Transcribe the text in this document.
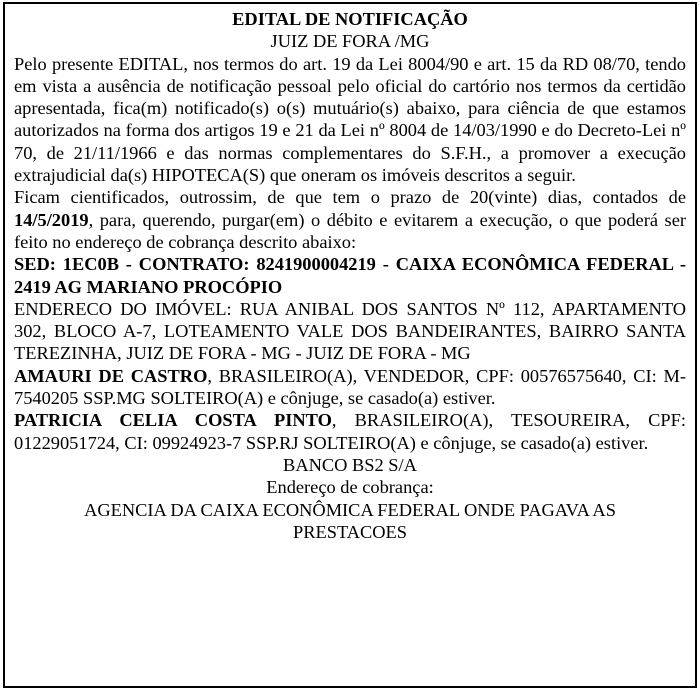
EDITAL DE NOTIFICAÇÃO
JUIZ DE FORA /MG

Pelo presente EDITAL, nos termos do art. 19 da Lei 8004/90 e art. 15 da RD 08/70, tendo em vista a ausência de notificação pessoal pelo oficial do cartório nos termos da certidão apresentada, fica(m) notificado(s) o(s) mutuário(s) abaixo, para ciência de que estamos autorizados na forma dos artigos 19 e 21 da Lei nº 8004 de 14/03/1990 e do Decreto-Lei nº 70, de 21/11/1966 e das normas complementares do S.F.H., a promover a execução extrajudicial da(s) HIPOTECA(S) que oneram os imóveis descritos a seguir.

Ficam cientificados, outrossim, de que tem o prazo de 20(vinte) dias, contados de 14/5/2019, para, querendo, purgar(em) o débito e evitarem a execução, o que poderá ser feito no endereço de cobrança descrito abaixo:

SED: 1EC0B - CONTRATO: 8241900004219 - CAIXA ECONÔMICA FEDERAL - 2419 AG MARIANO PROCÓPIO

ENDERECO DO IMÓVEL: RUA ANIBAL DOS SANTOS Nº 112, APARTAMENTO 302, BLOCO A-7, LOTEAMENTO VALE DOS BANDEIRANTES, BAIRRO SANTA TEREZINHA, JUIZ DE FORA - MG - JUIZ DE FORA - MG

AMAURI DE CASTRO, BRASILEIRO(A), VENDEDOR, CPF: 00576575640, CI: M-7540205 SSP.MG SOLTEIRO(A) e cônjuge, se casado(a) estiver.

PATRICIA CELIA COSTA PINTO, BRASILEIRO(A), TESOUREIRA, CPF: 01229051724, CI: 09924923-7 SSP.RJ SOLTEIRO(A) e cônjuge, se casado(a) estiver.

BANCO BS2 S/A
Endereço de cobrança:
AGENCIA DA CAIXA ECONÔMICA FEDERAL ONDE PAGAVA AS
PRESTACOES
